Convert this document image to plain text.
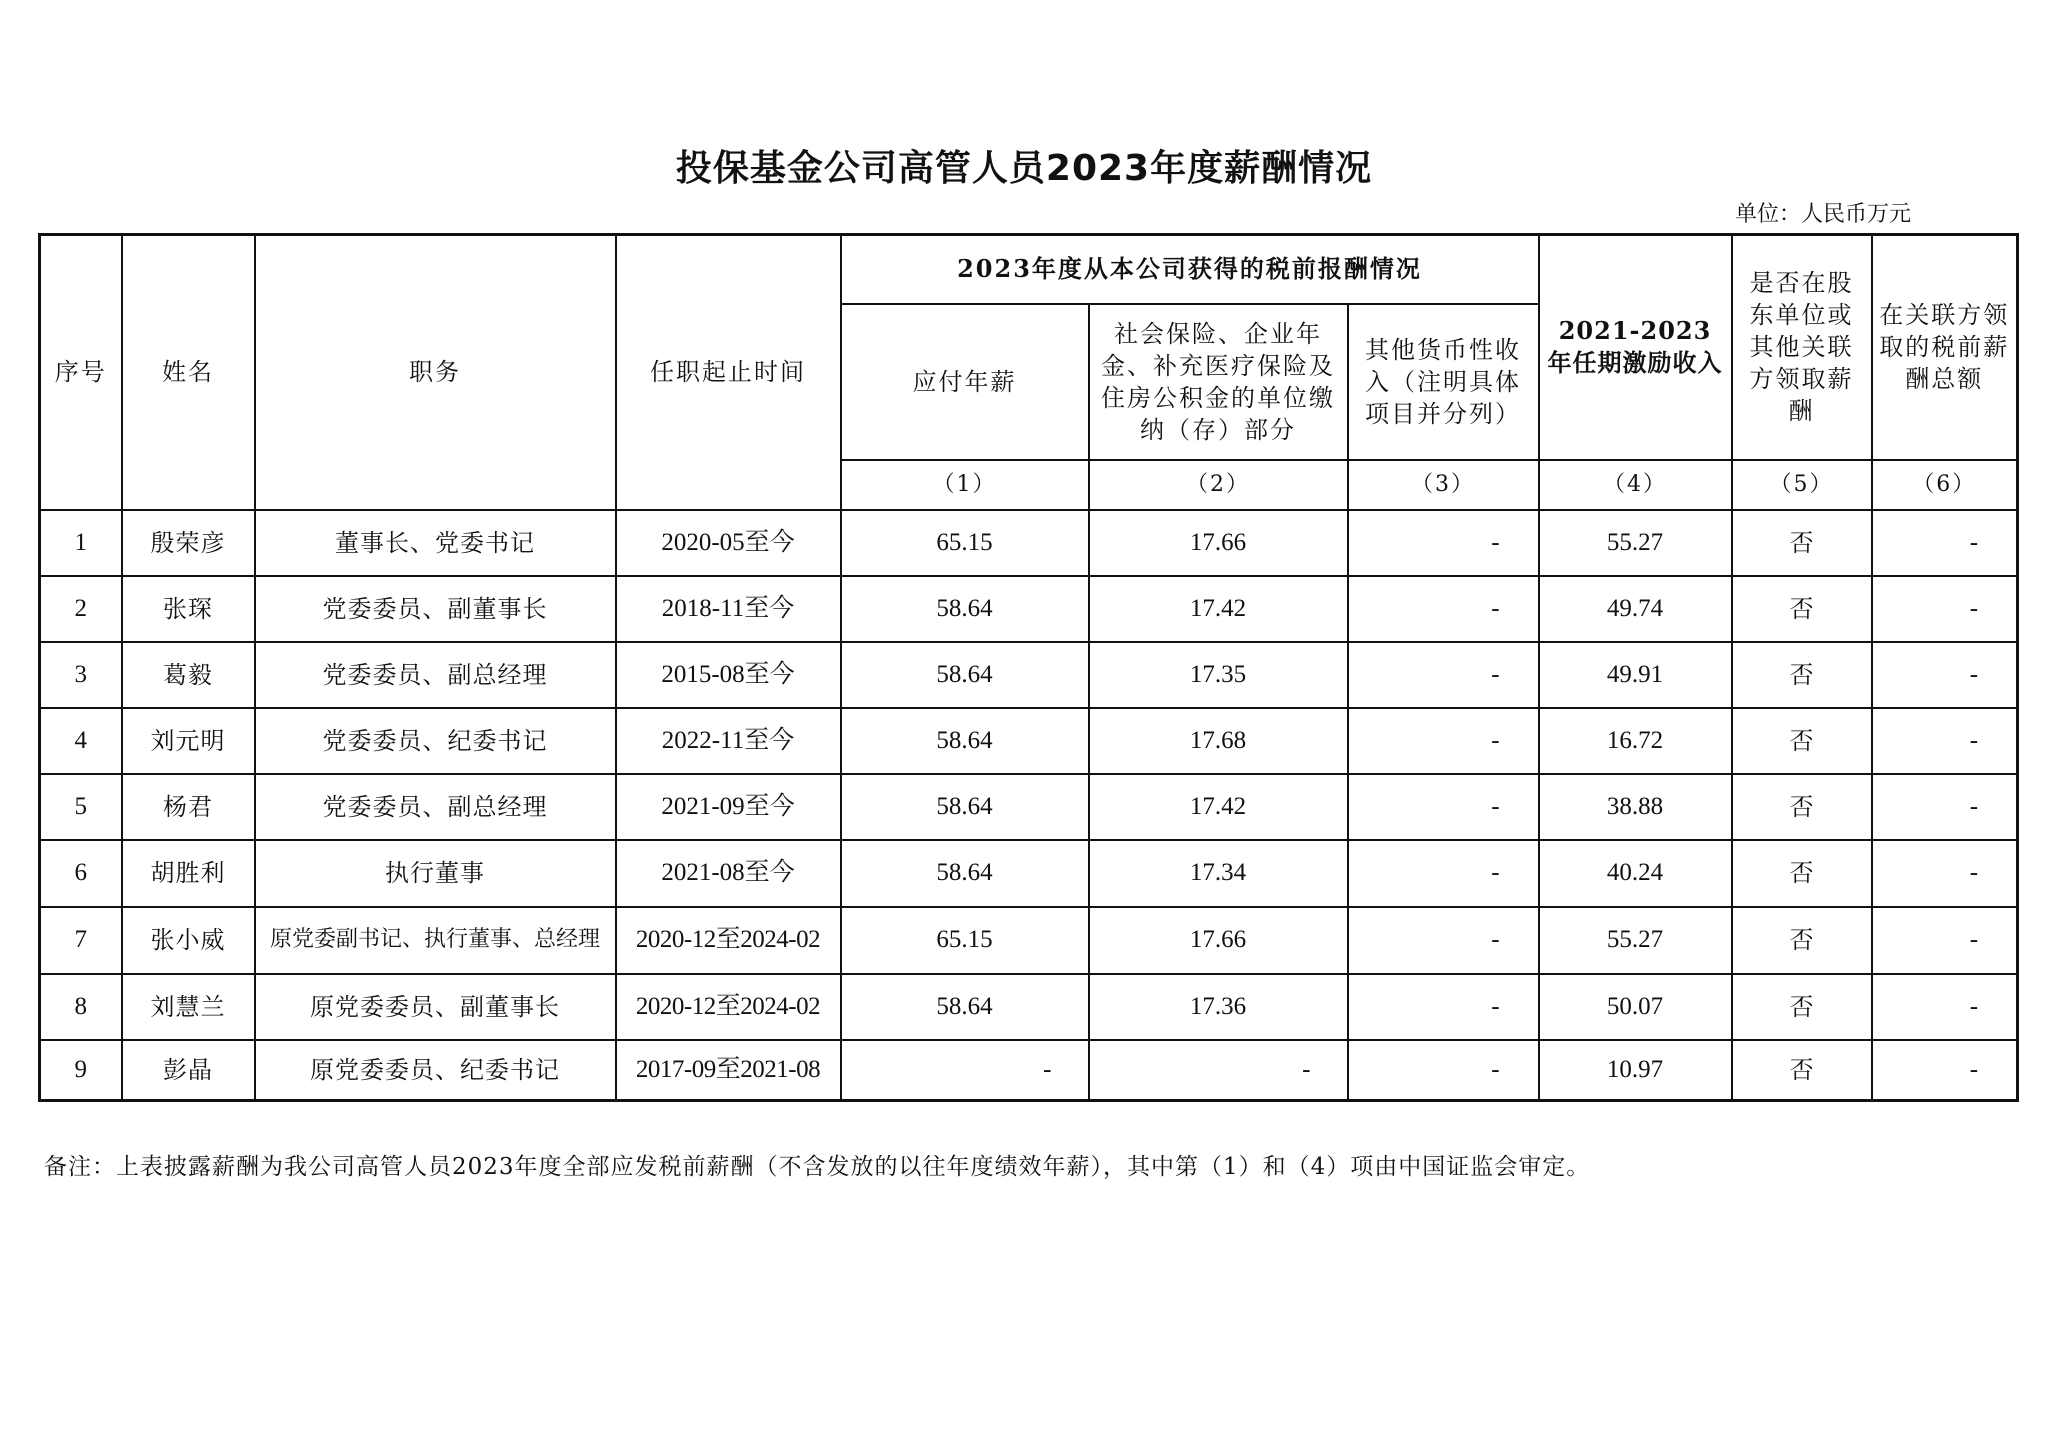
投保基金公司高管人员2023年度薪酬情况
单位：人民币万元
序号	姓名	职务	任职起止时间	2023年度从本公司获得的税前报酬情况			2021-2023年任期激励收入	是否在股东单位或其他关联方领取薪酬	在关联方领取的税前薪酬总额
				应付年薪	社会保险、企业年金、补充医疗保险及住房公积金的单位缴纳（存）部分	其他货币性收入（注明具体项目并分列）			
				（1）	（2）	（3）	（4）	（5）	（6）
1	殷荣彦	董事长、党委书记	2020-05至今	65.15	17.66	-	55.27	否	-
2	张琛	党委委员、副董事长	2018-11至今	58.64	17.42	-	49.74	否	-
3	葛毅	党委委员、副总经理	2015-08至今	58.64	17.35	-	49.91	否	-
4	刘元明	党委委员、纪委书记	2022-11至今	58.64	17.68	-	16.72	否	-
5	杨君	党委委员、副总经理	2021-09至今	58.64	17.42	-	38.88	否	-
6	胡胜利	执行董事	2021-08至今	58.64	17.34	-	40.24	否	-
7	张小威	原党委副书记、执行董事、总经理	2020-12至2024-02	65.15	17.66	-	55.27	否	-
8	刘慧兰	原党委委员、副董事长	2020-12至2024-02	58.64	17.36	-	50.07	否	-
9	彭晶	原党委委员、纪委书记	2017-09至2021-08	-	-	-	10.97	否	-
备注：上表披露薪酬为我公司高管人员2023年度全部应发税前薪酬（不含发放的以往年度绩效年薪），其中第（1）和（4）项由中国证监会审定。
